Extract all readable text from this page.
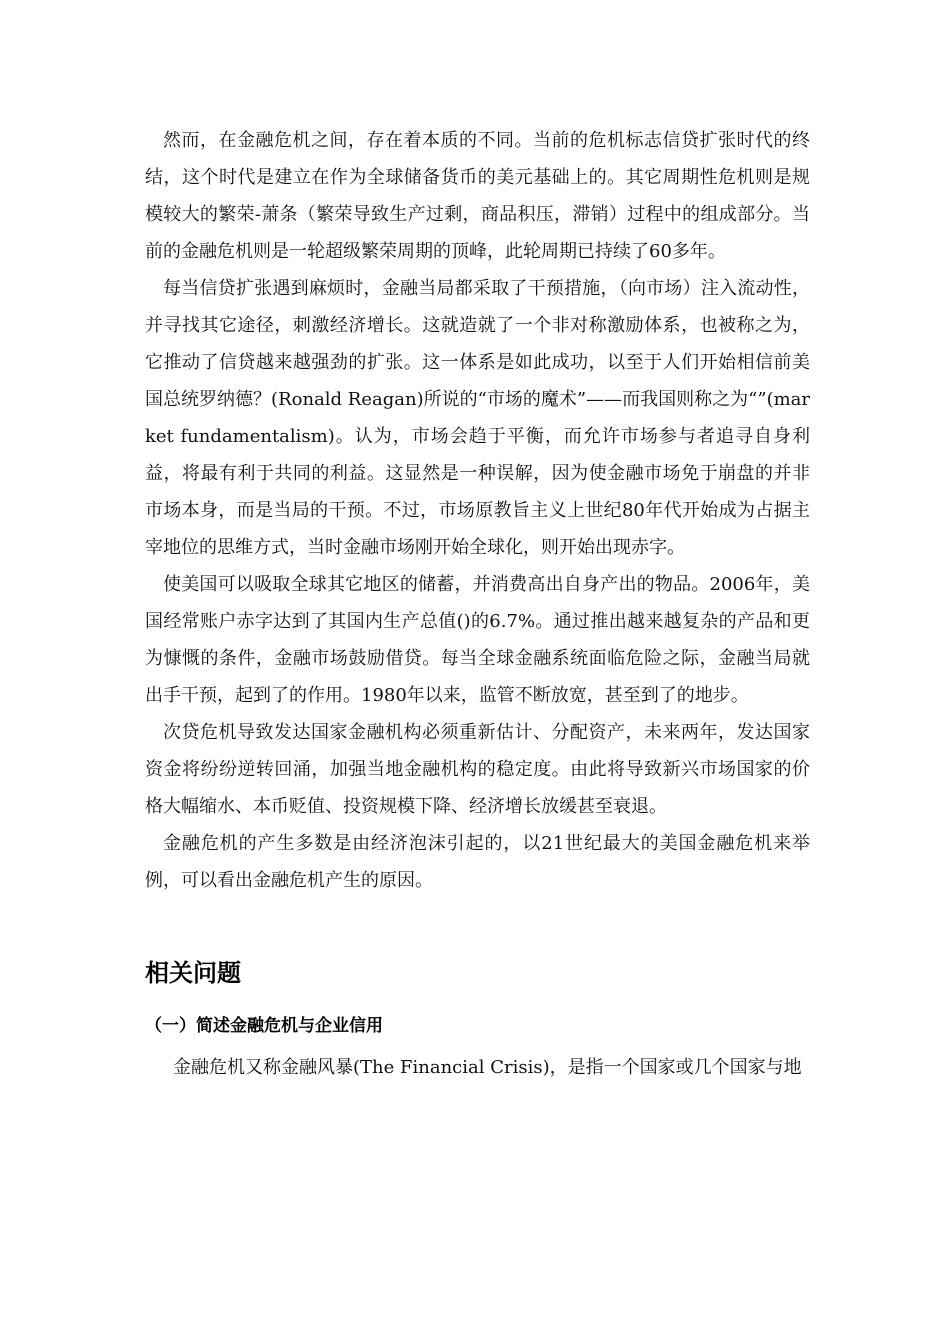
然而，在金融危机之间，存在着本质的不同。当前的危机标志信贷扩张时代的终结，这个时代是建立在作为全球储备货币的美元基础上的。其它周期性危机则是规模较大的繁荣-萧条（繁荣导致生产过剩，商品积压，滞销）过程中的组成部分。当前的金融危机则是一轮超级繁荣周期的顶峰，此轮周期已持续了60多年。

每当信贷扩张遇到麻烦时，金融当局都采取了干预措施，（向市场）注入流动性，并寻找其它途径，刺激经济增长。这就造就了一个非对称激励体系，也被称之为，它推动了信贷越来越强劲的扩张。这一体系是如此成功，以至于人们开始相信前美国总统罗纳德？(Ronald Reagan)所说的“市场的魔术”——而我国则称之为“”(market fundamentalism)。认为，市场会趋于平衡，而允许市场参与者追寻自身利益，将最有利于共同的利益。这显然是一种误解，因为使金融市场免于崩盘的并非市场本身，而是当局的干预。不过，市场原教旨主义上世纪80年代开始成为占据主宰地位的思维方式，当时金融市场刚开始全球化，则开始出现赤字。

使美国可以吸取全球其它地区的储蓄，并消费高出自身产出的物品。2006年，美国经常账户赤字达到了其国内生产总值()的6.7%。通过推出越来越复杂的产品和更为慷慨的条件，金融市场鼓励借贷。每当全球金融系统面临危险之际，金融当局就出手干预，起到了的作用。1980年以来，监管不断放宽，甚至到了的地步。

次贷危机导致发达国家金融机构必须重新估计、分配资产，未来两年，发达国家资金将纷纷逆转回涌，加强当地金融机构的稳定度。由此将导致新兴市场国家的价格大幅缩水、本币贬值、投资规模下降、经济增长放缓甚至衰退。

金融危机的产生多数是由经济泡沫引起的，以21世纪最大的美国金融危机来举例，可以看出金融危机产生的原因。

相关问题
（一）简述金融危机与企业信用

金融危机又称金融风暴(The Financial Crisis)，是指一个国家或几个国家与地
